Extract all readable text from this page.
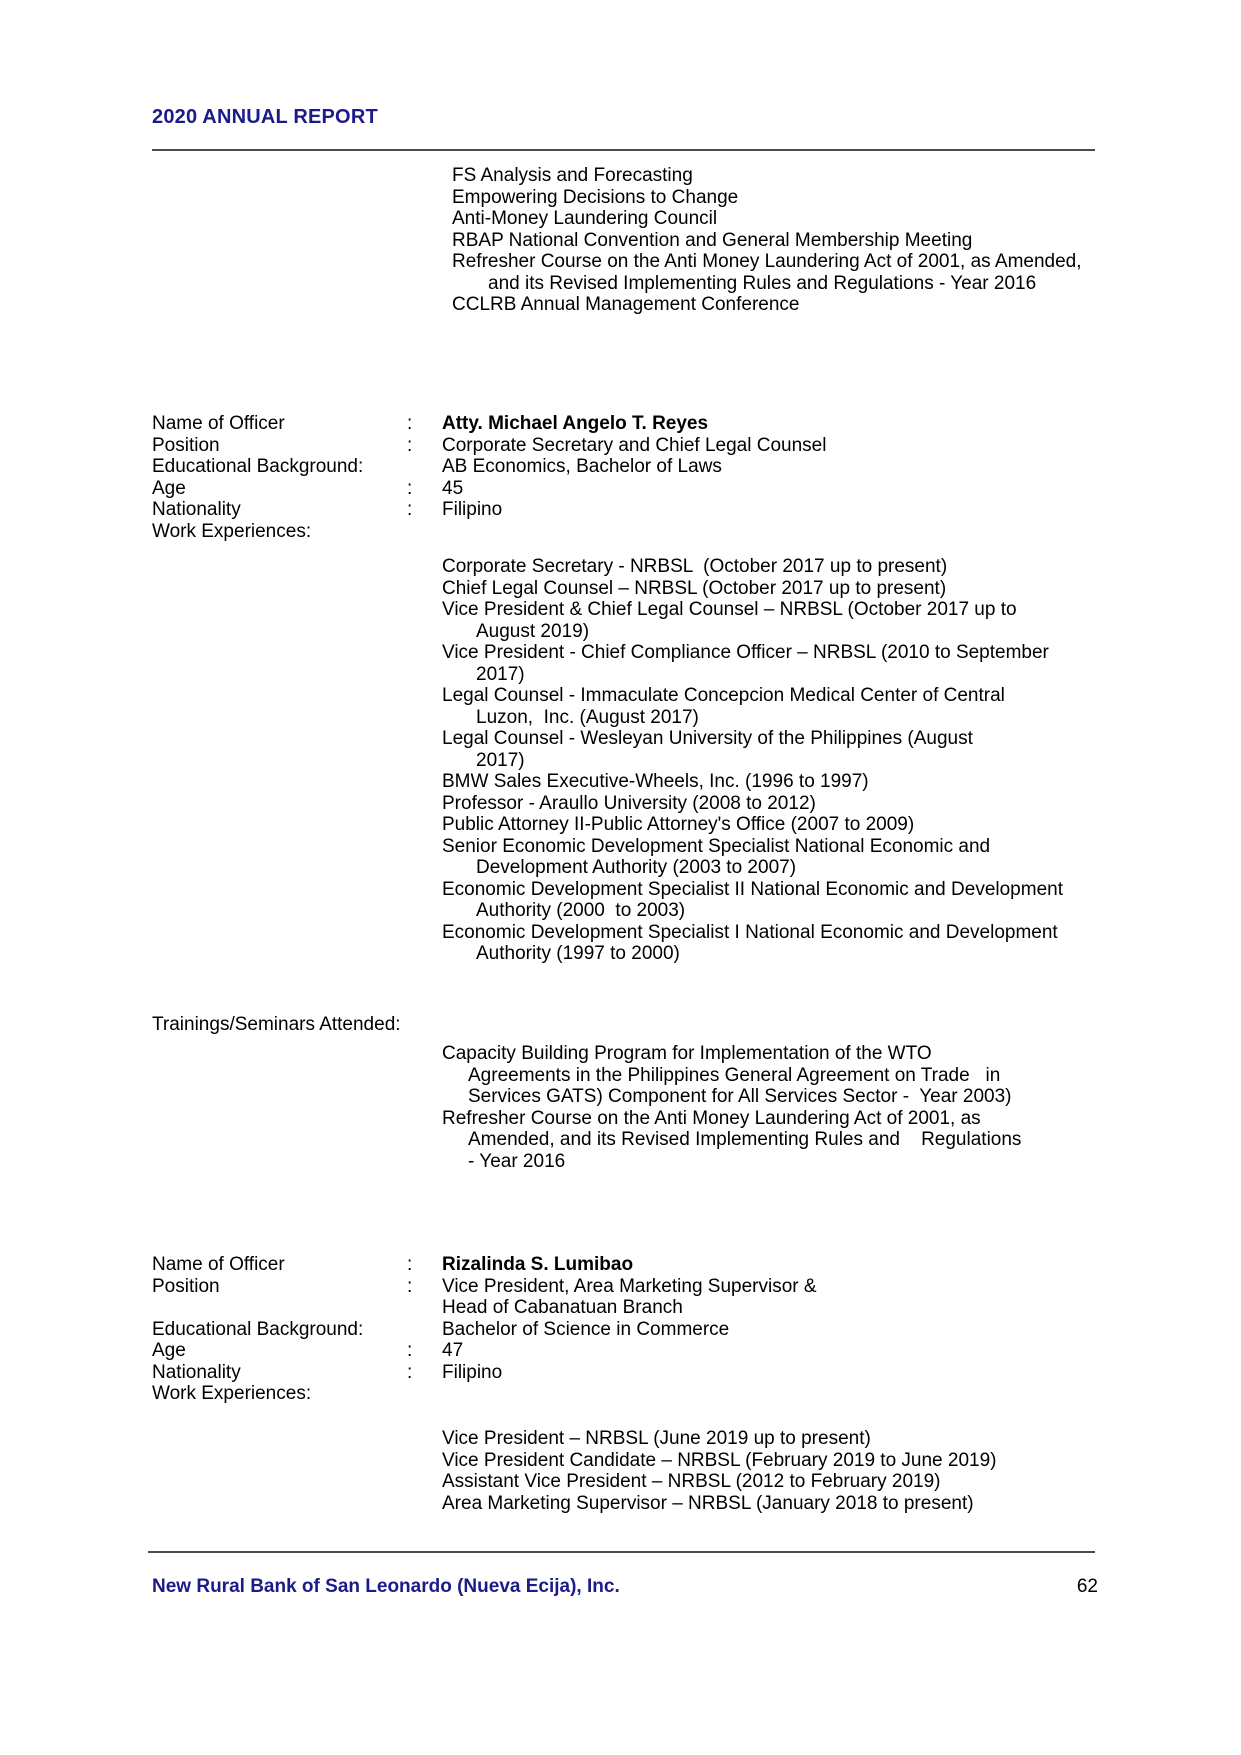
2020 ANNUAL REPORT
FS Analysis and Forecasting
Empowering Decisions to Change
Anti-Money Laundering Council
RBAP National Convention and General Membership Meeting
Refresher Course on the Anti Money Laundering Act of 2001, as Amended,
and its Revised Implementing Rules and Regulations - Year 2016
CCLRB Annual Management Conference
Name of Officer	:	Atty. Michael Angelo T. Reyes
Position	:	Corporate Secretary and Chief Legal Counsel
Educational Background:	AB Economics, Bachelor of Laws
Age	:	45
Nationality	:	Filipino
Work Experiences:
Corporate Secretary - NRBSL  (October 2017 up to present)
Chief Legal Counsel – NRBSL (October 2017 up to present)
Vice President & Chief Legal Counsel – NRBSL (October 2017 up to
August 2019)
Vice President - Chief Compliance Officer – NRBSL (2010 to September
2017)
Legal Counsel - Immaculate Concepcion Medical Center of Central
Luzon,  Inc. (August 2017)
Legal Counsel - Wesleyan University of the Philippines (August
2017)
BMW Sales Executive-Wheels, Inc. (1996 to 1997)
Professor - Araullo University (2008 to 2012)
Public Attorney II-Public Attorney's Office (2007 to 2009)
Senior Economic Development Specialist National Economic and
Development Authority (2003 to 2007)
Economic Development Specialist II National Economic and Development
Authority (2000  to 2003)
Economic Development Specialist I National Economic and Development
Authority (1997 to 2000)
Trainings/Seminars Attended:
Capacity Building Program for Implementation of the WTO
Agreements in the Philippines General Agreement on Trade   in
Services GATS) Component for All Services Sector -  Year 2003)
Refresher Course on the Anti Money Laundering Act of 2001, as
Amended, and its Revised Implementing Rules and    Regulations
- Year 2016
Name of Officer	:	Rizalinda S. Lumibao
Position	:	Vice President, Area Marketing Supervisor &
Head of Cabanatuan Branch
Educational Background:	Bachelor of Science in Commerce
Age	:	47
Nationality	:	Filipino
Work Experiences:
Vice President – NRBSL (June 2019 up to present)
Vice President Candidate – NRBSL (February 2019 to June 2019)
Assistant Vice President – NRBSL (2012 to February 2019)
Area Marketing Supervisor – NRBSL (January 2018 to present)
New Rural Bank of San Leonardo (Nueva Ecija), Inc.	62
